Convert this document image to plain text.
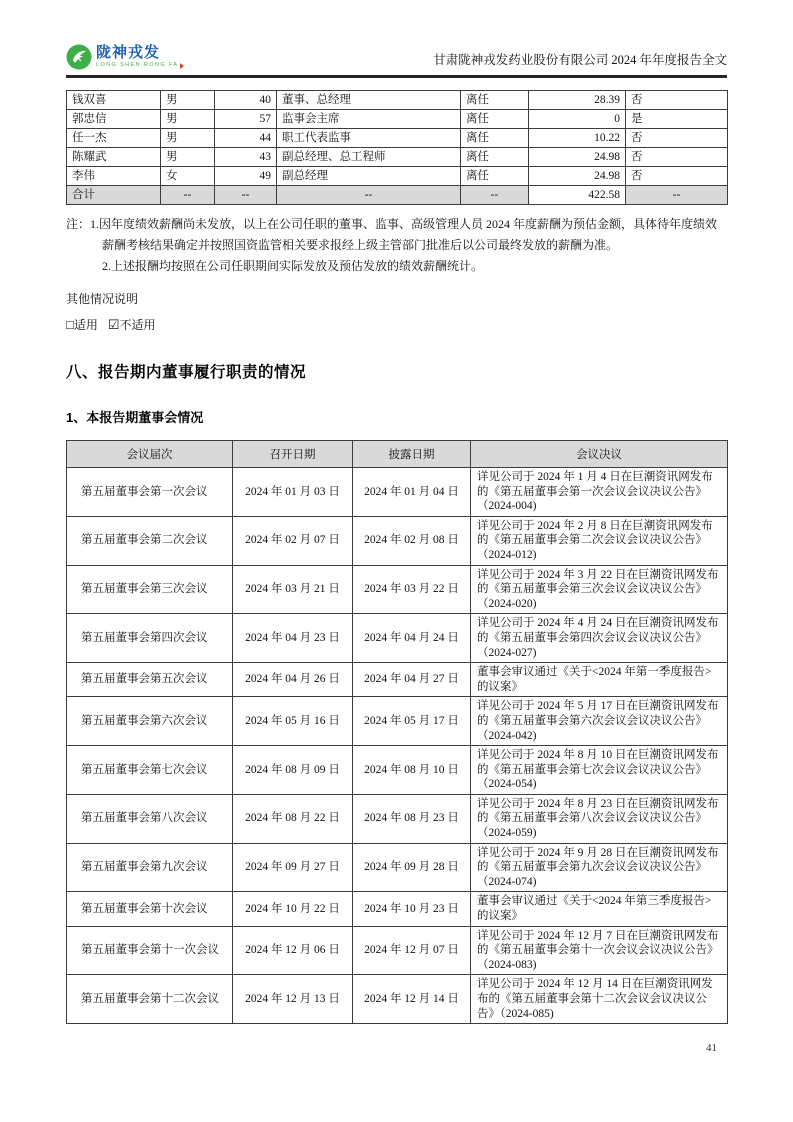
陇神戎发
LONG SHEN RONG FA	甘肃陇神戎发药业股份有限公司 2024 年年度报告全文
钱双喜	男	40	董事、总经理	离任	28.39	否
郭忠信	男	57	监事会主席	离任	0	是
任一杰	男	44	职工代表监事	离任	10.22	否
陈耀武	男	43	副总经理、总工程师	离任	24.98	否
李伟	女	49	副总经理	离任	24.98	否
合计	--	--	--	--	422.58	--

注：1.因年度绩效薪酬尚未发放，以上在公司任职的董事、监事、高级管理人员 2024 年度薪酬为预估金额，具体待年度绩效薪酬考核结果确定并按照国资监管相关要求报经上级主管部门批准后以公司最终发放的薪酬为准。

2.上述报酬均按照在公司任职期间实际发放及预估发放的绩效薪酬统计。

其他情况说明

□适用 ☑不适用
八、报告期内董事履行职责的情况
1、本报告期董事会情况
会议届次	召开日期	披露日期	会议决议
第五届董事会第一次会议	2024 年 01 月 03 日	2024 年 01 月 04 日	详见公司于 2024 年 1 月 4 日在巨潮资讯网发布的《第五届董事会第一次会议会议决议公告》（2024-004)
第五届董事会第二次会议	2024 年 02 月 07 日	2024 年 02 月 08 日	详见公司于 2024 年 2 月 8 日在巨潮资讯网发布的《第五届董事会第二次会议会议决议公告》（2024-012)
第五届董事会第三次会议	2024 年 03 月 21 日	2024 年 03 月 22 日	详见公司于 2024 年 3 月 22 日在巨潮资讯网发布的《第五届董事会第三次会议会议决议公告》（2024-020)
第五届董事会第四次会议	2024 年 04 月 23 日	2024 年 04 月 24 日	详见公司于 2024 年 4 月 24 日在巨潮资讯网发布的《第五届董事会第四次会议会议决议公告》（2024-027)
第五届董事会第五次会议	2024 年 04 月 26 日	2024 年 04 月 27 日	董事会审议通过《关于<2024 年第一季度报告>的议案》
第五届董事会第六次会议	2024 年 05 月 16 日	2024 年 05 月 17 日	详见公司于 2024 年 5 月 17 日在巨潮资讯网发布的《第五届董事会第六次会议会议决议公告》（2024-042)
第五届董事会第七次会议	2024 年 08 月 09 日	2024 年 08 月 10 日	详见公司于 2024 年 8 月 10 日在巨潮资讯网发布的《第五届董事会第七次会议会议决议公告》（2024-054)
第五届董事会第八次会议	2024 年 08 月 22 日	2024 年 08 月 23 日	详见公司于 2024 年 8 月 23 日在巨潮资讯网发布的《第五届董事会第八次会议会议决议公告》（2024-059)
第五届董事会第九次会议	2024 年 09 月 27 日	2024 年 09 月 28 日	详见公司于 2024 年 9 月 28 日在巨潮资讯网发布的《第五届董事会第九次会议会议决议公告》（2024-074)
第五届董事会第十次会议	2024 年 10 月 22 日	2024 年 10 月 23 日	董事会审议通过《关于<2024 年第三季度报告>的议案》
第五届董事会第十一次会议	2024 年 12 月 06 日	2024 年 12 月 07 日	详见公司于 2024 年 12 月 7 日在巨潮资讯网发布的《第五届董事会第十一次会议会议决议公告》（2024-083)
第五届董事会第十二次会议	2024 年 12 月 13 日	2024 年 12 月 14 日	详见公司于 2024 年 12 月 14 日在巨潮资讯网发布的《第五届董事会第十二次会议会议决议公告》（2024-085)
41
